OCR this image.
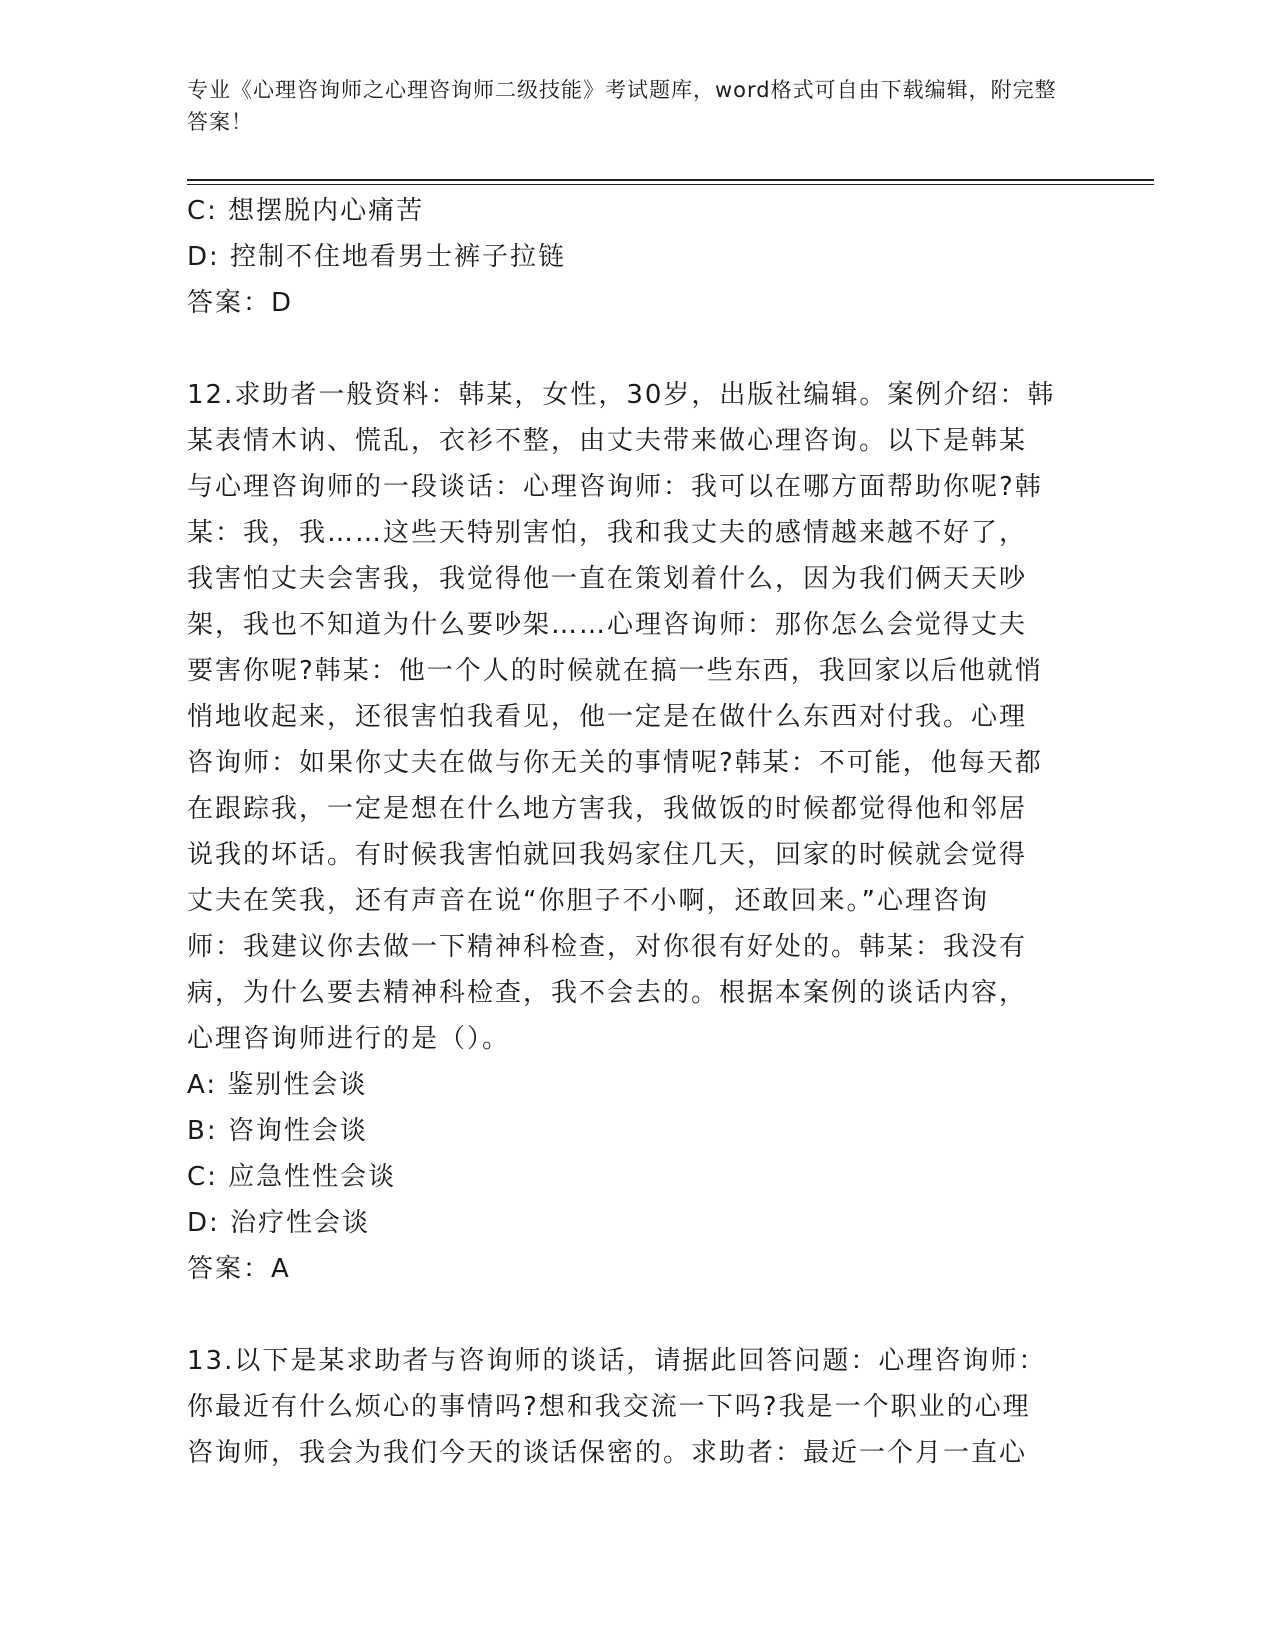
专业《心理咨询师之心理咨询师二级技能》考试题库，word格式可自由下载编辑，附完整答案！
C: 想摆脱内心痛苦
D: 控制不住地看男士裤子拉链
答案：D
12.求助者一般资料：韩某，女性，30岁，出版社编辑。案例介绍：韩
某表情木讷、慌乱，衣衫不整，由丈夫带来做心理咨询。以下是韩某
与心理咨询师的一段谈话：心理咨询师：我可以在哪方面帮助你呢?韩
某：我，我……这些天特别害怕，我和我丈夫的感情越来越不好了，
我害怕丈夫会害我，我觉得他一直在策划着什么，因为我们俩天天吵
架，我也不知道为什么要吵架……心理咨询师：那你怎么会觉得丈夫
要害你呢?韩某：他一个人的时候就在搞一些东西，我回家以后他就悄
悄地收起来，还很害怕我看见，他一定是在做什么东西对付我。心理
咨询师：如果你丈夫在做与你无关的事情呢?韩某：不可能，他每天都
在跟踪我，一定是想在什么地方害我，我做饭的时候都觉得他和邻居
说我的坏话。有时候我害怕就回我妈家住几天，回家的时候就会觉得
丈夫在笑我，还有声音在说“你胆子不小啊，还敢回来。”心理咨询
师：我建议你去做一下精神科检查，对你很有好处的。韩某：我没有
病，为什么要去精神科检查，我不会去的。根据本案例的谈话内容，
心理咨询师进行的是（）。
A: 鉴别性会谈
B: 咨询性会谈
C: 应急性性会谈
D: 治疗性会谈
答案：A
13.以下是某求助者与咨询师的谈话，请据此回答问题：心理咨询师：
你最近有什么烦心的事情吗?想和我交流一下吗?我是一个职业的心理
咨询师，我会为我们今天的谈话保密的。求助者：最近一个月一直心
